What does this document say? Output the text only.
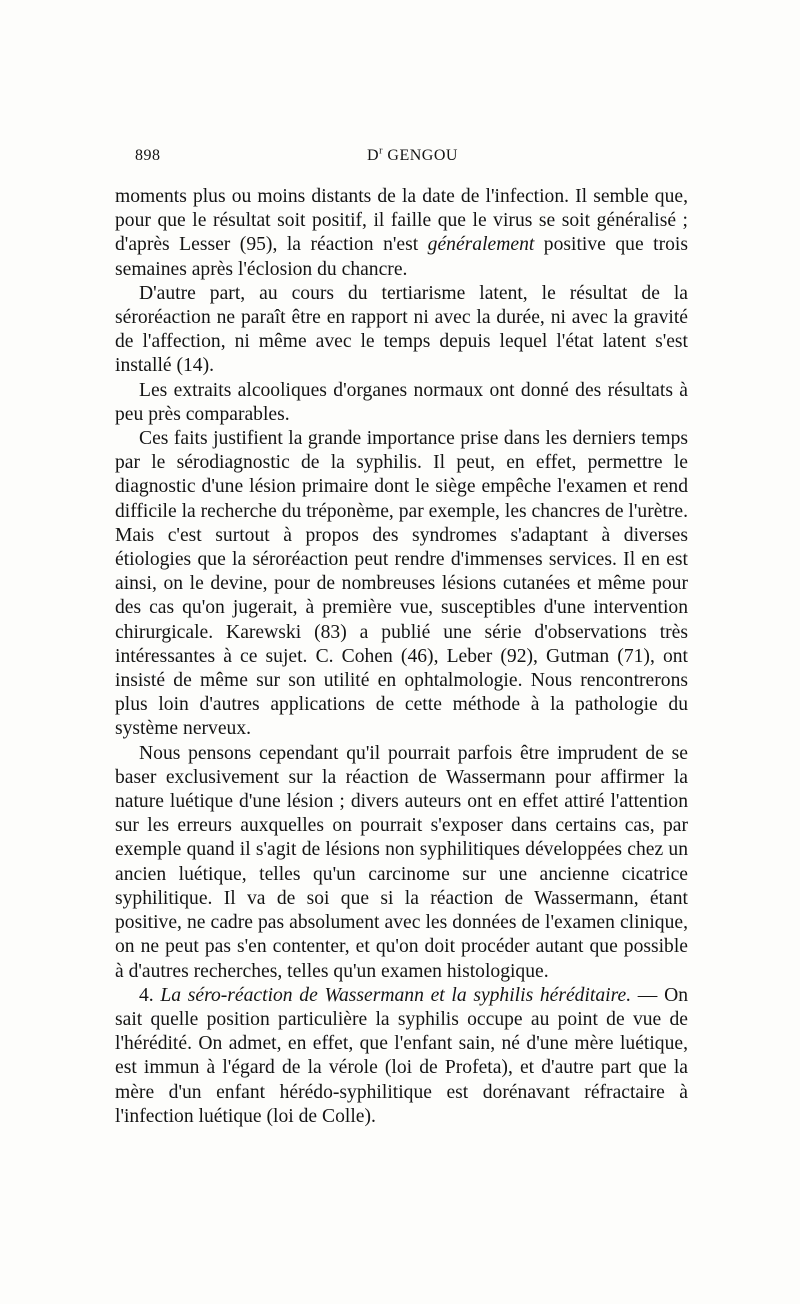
898	$D^r$ GENGOU

moments plus ou moins distants de la date de l'infection. Il semble que, pour que le résultat soit positif, il faille que le virus se soit généralisé ; d'après Lesser (95), la réaction n'est généralement positive que trois semaines après l'éclosion du chancre.

D'autre part, au cours du tertiarisme latent, le résultat de la séroréaction ne paraît être en rapport ni avec la durée, ni avec la gravité de l'affection, ni même avec le temps depuis lequel l'état latent s'est installé (14).

Les extraits alcooliques d'organes normaux ont donné des résultats à peu près comparables.

Ces faits justifient la grande importance prise dans les derniers temps par le sérodiagnostic de la syphilis. Il peut, en effet, permettre le diagnostic d'une lésion primaire dont le siège empêche l'examen et rend difficile la recherche du tréponème, par exemple, les chancres de l'urètre. Mais c'est surtout à propos des syndromes s'adaptant à diverses étiologies que la séroréaction peut rendre d'immenses services. Il en est ainsi, on le devine, pour de nombreuses lésions cutanées et même pour des cas qu'on jugerait, à première vue, susceptibles d'une intervention chirurgicale. Karewski (83) a publié une série d'observations très intéressantes à ce sujet. C. Cohen (46), Leber (92), Gutman (71), ont insisté de même sur son utilité en ophtalmologie. Nous rencontrerons plus loin d'autres applications de cette méthode à la pathologie du système nerveux.

Nous pensons cependant qu'il pourrait parfois être imprudent de se baser exclusivement sur la réaction de Wassermann pour affirmer la nature luétique d'une lésion ; divers auteurs ont en effet attiré l'attention sur les erreurs auxquelles on pourrait s'exposer dans certains cas, par exemple quand il s'agit de lésions non syphilitiques développées chez un ancien luétique, telles qu'un carcinome sur une ancienne cicatrice syphilitique. Il va de soi que si la réaction de Wassermann, étant positive, ne cadre pas absolument avec les données de l'examen clinique, on ne peut pas s'en contenter, et qu'on doit procéder autant que possible à d'autres recherches, telles qu'un examen histologique.

4. La séro-réaction de Wassermann et la syphilis héréditaire. — On sait quelle position particulière la syphilis occupe au point de vue de l'hérédité. On admet, en effet, que l'enfant sain, né d'une mère luétique, est immun à l'égard de la vérole (loi de Profeta), et d'autre part que la mère d'un enfant hérédo-syphilitique est dorénavant réfractaire à l'infection luétique (loi de Colle).
